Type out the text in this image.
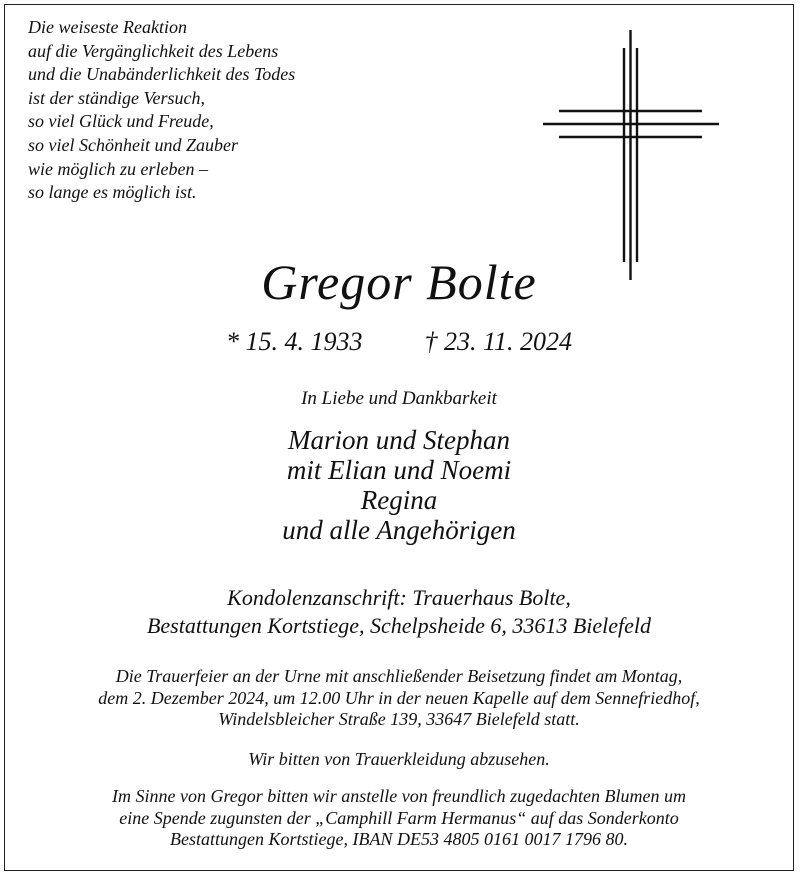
Die weiseste Reaktion
auf die Vergänglichkeit des Lebens
und die Unabänderlichkeit des Todes
ist der ständige Versuch,
so viel Glück und Freude,
so viel Schönheit und Zauber
wie möglich zu erleben –
so lange es möglich ist.
Gregor Bolte
* 15. 4. 1933 † 23. 11. 2024
In Liebe und Dankbarkeit
Marion und Stephan
mit Elian und Noemi
Regina
und alle Angehörigen
Kondolenzanschrift: Trauerhaus Bolte,
Bestattungen Kortstiege, Schelpsheide 6, 33613 Bielefeld
Die Trauerfeier an der Urne mit anschließender Beisetzung findet am Montag,
dem 2. Dezember 2024, um 12.00 Uhr in der neuen Kapelle auf dem Sennefriedhof,
Windelsbleicher Straße 139, 33647 Bielefeld statt.
Wir bitten von Trauerkleidung abzusehen.
Im Sinne von Gregor bitten wir anstelle von freundlich zugedachten Blumen um
eine Spende zugunsten der „Camphill Farm Hermanus“ auf das Sonderkonto
Bestattungen Kortstiege, IBAN DE53 4805 0161 0017 1796 80.
